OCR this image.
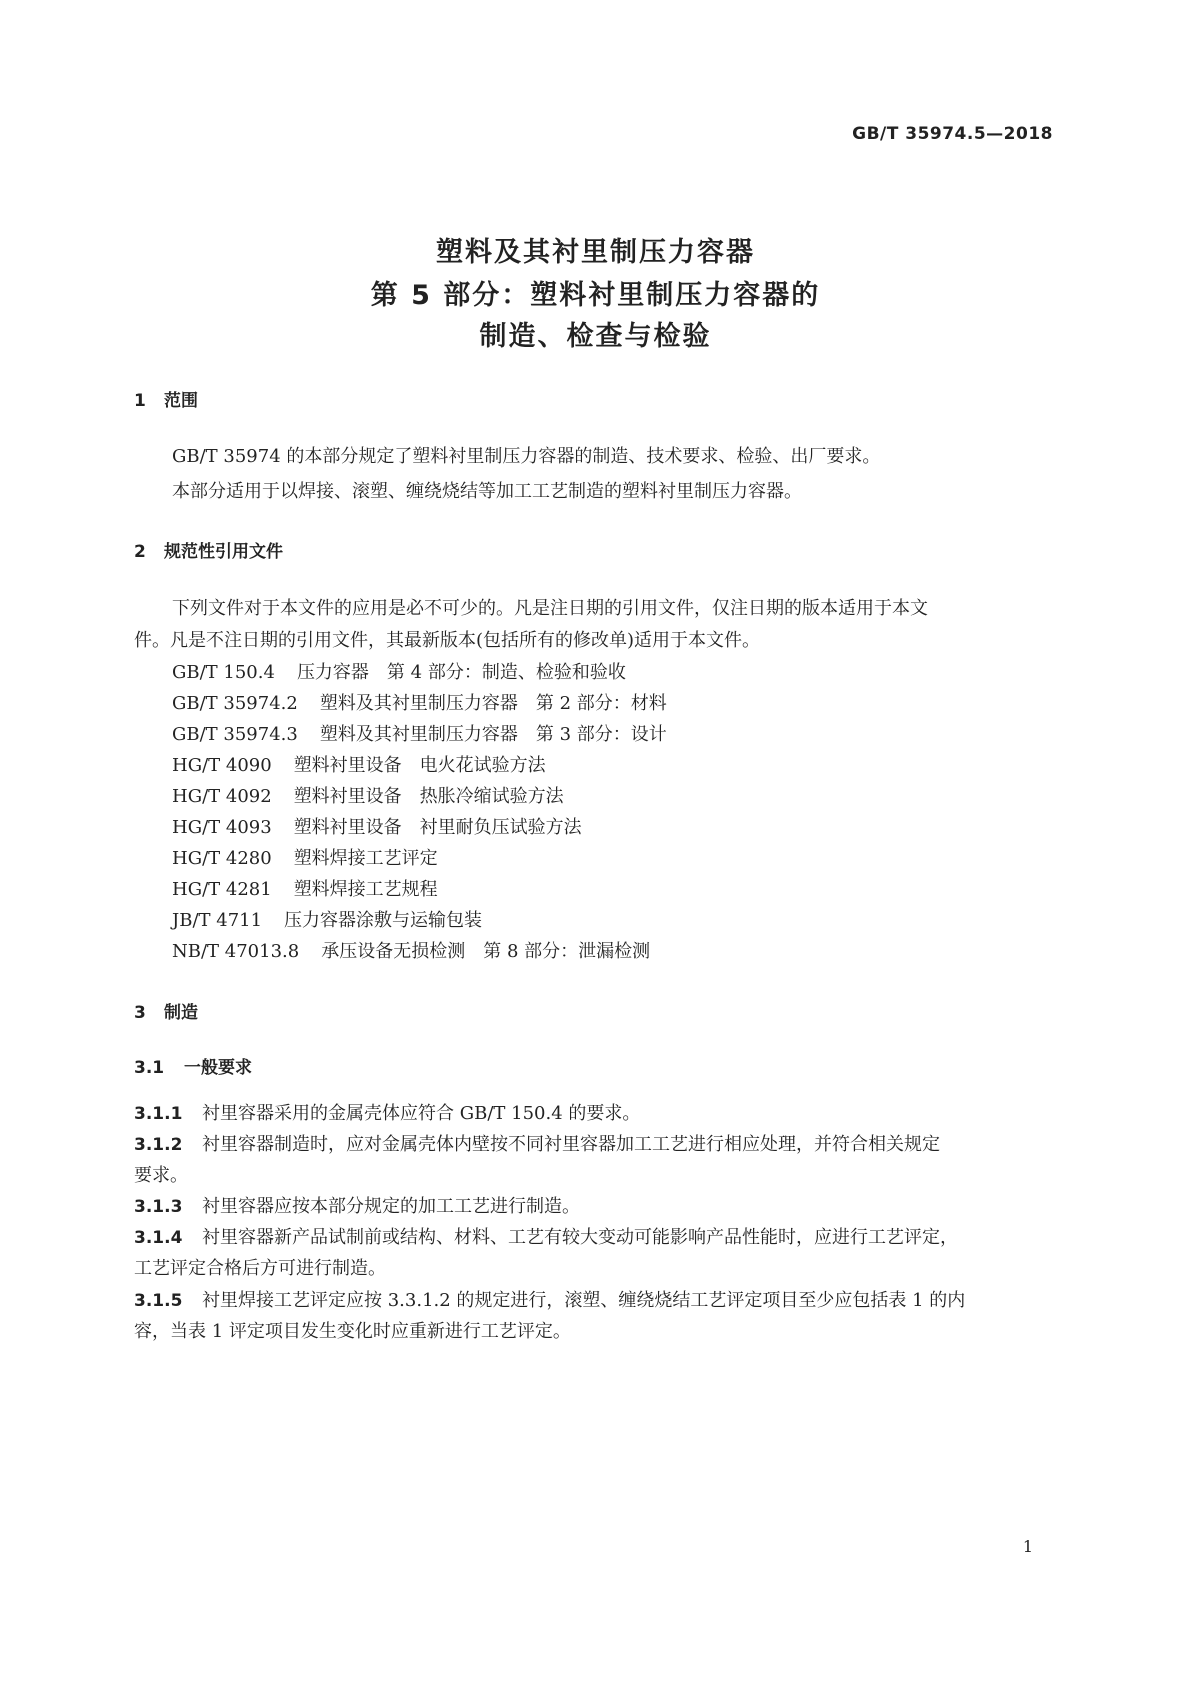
GB/T 35974.5—2018
塑料及其衬里制压力容器
第 5 部分：塑料衬里制压力容器的
制造、检查与检验
1 范围
GB/T 35974 的本部分规定了塑料衬里制压力容器的制造、技术要求、检验、出厂要求。
本部分适用于以焊接、滚塑、缠绕烧结等加工工艺制造的塑料衬里制压力容器。
2 规范性引用文件
下列文件对于本文件的应用是必不可少的。凡是注日期的引用文件，仅注日期的版本适用于本文
件。凡是不注日期的引用文件，其最新版本(包括所有的修改单)适用于本文件。
GB/T 150.4 压力容器　第 4 部分：制造、检验和验收
GB/T 35974.2 塑料及其衬里制压力容器　第 2 部分：材料
GB/T 35974.3 塑料及其衬里制压力容器　第 3 部分：设计
HG/T 4090 塑料衬里设备　电火花试验方法
HG/T 4092 塑料衬里设备　热胀冷缩试验方法
HG/T 4093 塑料衬里设备　衬里耐负压试验方法
HG/T 4280 塑料焊接工艺评定
HG/T 4281 塑料焊接工艺规程
JB/T 4711 压力容器涂敷与运输包装
NB/T 47013.8 承压设备无损检测　第 8 部分：泄漏检测
3 制造
3.1 一般要求
3.1.1 衬里容器采用的金属壳体应符合 GB/T 150.4 的要求。
3.1.2 衬里容器制造时，应对金属壳体内壁按不同衬里容器加工工艺进行相应处理，并符合相关规定
要求。
3.1.3 衬里容器应按本部分规定的加工工艺进行制造。
3.1.4 衬里容器新产品试制前或结构、材料、工艺有较大变动可能影响产品性能时，应进行工艺评定，
工艺评定合格后方可进行制造。
3.1.5 衬里焊接工艺评定应按 3.3.1.2 的规定进行，滚塑、缠绕烧结工艺评定项目至少应包括表 1 的内
容，当表 1 评定项目发生变化时应重新进行工艺评定。
1
